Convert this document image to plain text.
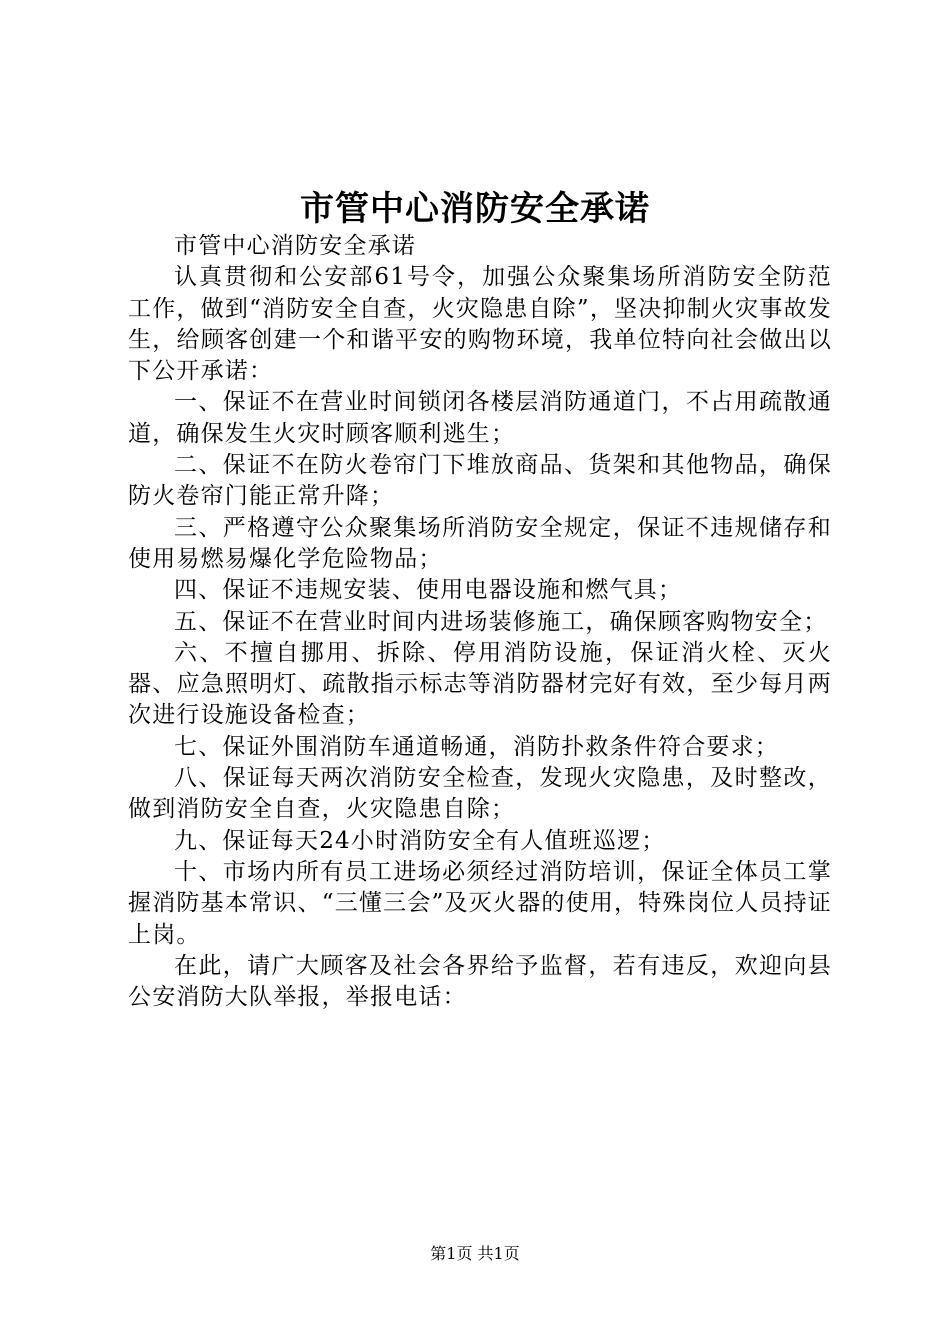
市管中心消防安全承诺

市管中心消防安全承诺

认真贯彻和公安部61号令，加强公众聚集场所消防安全防范工作，做到“消防安全自查，火灾隐患自除”，坚决抑制火灾事故发生，给顾客创建一个和谐平安的购物环境，我单位特向社会做出以下公开承诺：

一、保证不在营业时间锁闭各楼层消防通道门，不占用疏散通道，确保发生火灾时顾客顺利逃生；

二、保证不在防火卷帘门下堆放商品、货架和其他物品，确保防火卷帘门能正常升降；

三、严格遵守公众聚集场所消防安全规定，保证不违规储存和使用易燃易爆化学危险物品；

四、保证不违规安装、使用电器设施和燃气具；

五、保证不在营业时间内进场装修施工，确保顾客购物安全；

六、不擅自挪用、拆除、停用消防设施，保证消火栓、灭火器、应急照明灯、疏散指示标志等消防器材完好有效，至少每月两次进行设施设备检查；

七、保证外围消防车通道畅通，消防扑救条件符合要求；

八、保证每天两次消防安全检查，发现火灾隐患，及时整改，做到消防安全自查，火灾隐患自除；

九、保证每天24小时消防安全有人值班巡逻；

十、市场内所有员工进场必须经过消防培训，保证全体员工掌握消防基本常识、“三懂三会”及灭火器的使用，特殊岗位人员持证上岗。

在此，请广大顾客及社会各界给予监督，若有违反，欢迎向县公安消防大队举报，举报电话：

第1页 共1页
